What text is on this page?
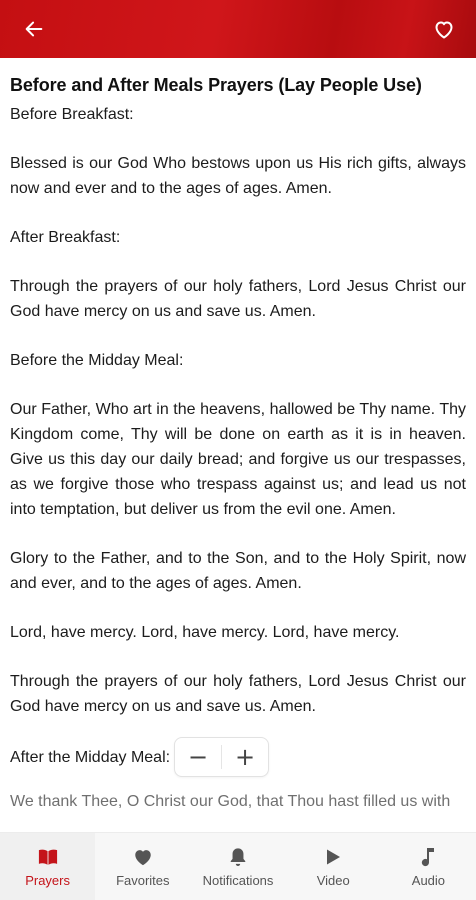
Before and After Meals Prayers (Lay People Use)

Before Breakfast:

Blessed is our God Who bestows upon us His rich gifts, always now and ever and to the ages of ages. Amen.

After Breakfast:

Through the prayers of our holy fathers, Lord Jesus Christ our God have mercy on us and save us. Amen.

Before the Midday Meal:

Our Father, Who art in the heavens, hallowed be Thy name. Thy Kingdom come, Thy will be done on earth as it is in heaven. Give us this day our daily bread; and forgive us our trespasses, as we forgive those who trespass against us; and lead us not into temptation, but deliver us from the evil one. Amen.

Glory to the Father, and to the Son, and to the Holy Spirit, now and ever, and to the ages of ages. Amen.

Lord, have mercy. Lord, have mercy. Lord, have mercy.

Through the prayers of our holy fathers, Lord Jesus Christ our God have mercy on us and save us. Amen.

After the Midday Meal: −	+
We thank Thee, O Christ our God, that Thou hast filled us with
Prayers	Favorites	Notifications	Video	Audio
